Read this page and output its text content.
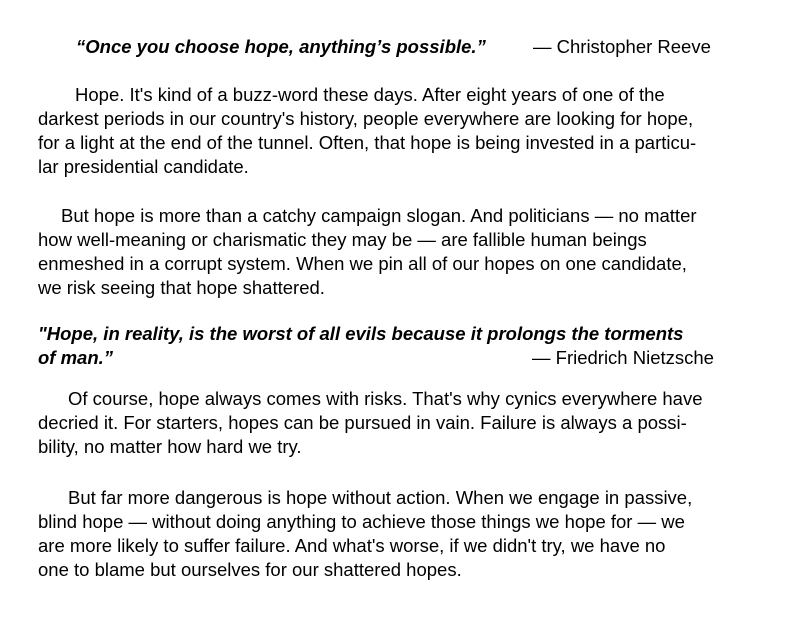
“Once you choose hope, anything’s possible.”	— Christopher Reeve
Hope. It's kind of a buzz-word these days. After eight years of one of the
darkest periods in our country's history, people everywhere are looking for hope,
for a light at the end of the tunnel. Often, that hope is being invested in a particu-
lar presidential candidate.
But hope is more than a catchy campaign slogan. And politicians — no matter
how well-meaning or charismatic they may be — are fallible human beings
enmeshed in a corrupt system. When we pin all of our hopes on one candidate,
we risk seeing that hope shattered.
"Hope, in reality, is the worst of all evils because it prolongs the torments
of man.”	— Friedrich Nietzsche
Of course, hope always comes with risks. That's why cynics everywhere have
decried it. For starters, hopes can be pursued in vain. Failure is always a possi-
bility, no matter how hard we try.
But far more dangerous is hope without action. When we engage in passive,
blind hope — without doing anything to achieve those things we hope for — we
are more likely to suffer failure. And what's worse, if we didn't try, we have no
one to blame but ourselves for our shattered hopes.
